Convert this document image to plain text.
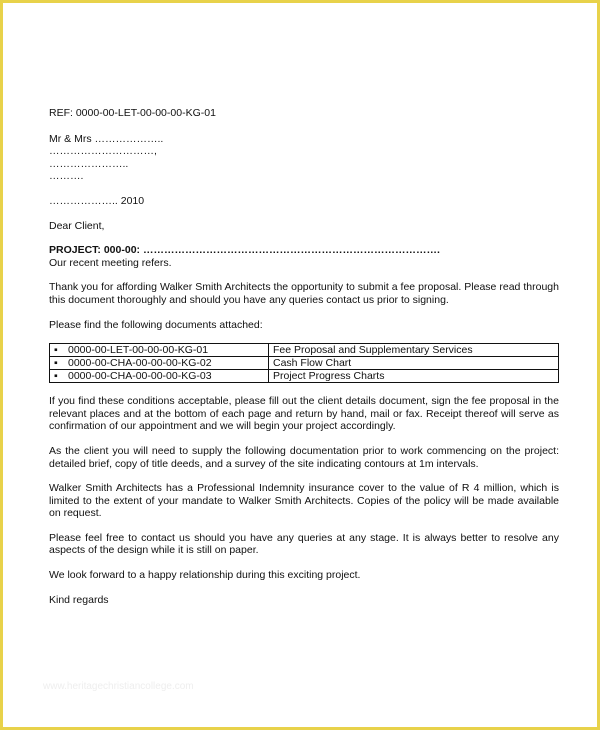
REF: 0000-00-LET-00-00-00-KG-01

Mr & Mrs ………………..

…………………………,

…………………..

……….

……………….. 2010

Dear Client,

PROJECT: 000-00: ………………………………………………………………………….

Our recent meeting refers.

Thank you for affording Walker Smith Architects the opportunity to submit a fee proposal. Please read through this document thoroughly and should you have any queries contact us prior to signing.

Please find the following documents attached:

▪ 0000-00-LET-00-00-00-KG-01	Fee Proposal and Supplementary Services
▪ 0000-00-CHA-00-00-00-KG-02	Cash Flow Chart
▪ 0000-00-CHA-00-00-00-KG-03	Project Progress Charts

If you find these conditions acceptable, please fill out the client details document, sign the fee proposal in the relevant places and at the bottom of each page and return by hand, mail or fax. Receipt thereof will serve as confirmation of our appointment and we will begin your project accordingly.

As the client you will need to supply the following documentation prior to work commencing on the project: detailed brief, copy of title deeds, and a survey of the site indicating contours at 1m intervals.

Walker Smith Architects has a Professional Indemnity insurance cover to the value of R 4 million, which is limited to the extent of your mandate to Walker Smith Architects. Copies of the policy will be made available on request.

Please feel free to contact us should you have any queries at any stage. It is always better to resolve any aspects of the design while it is still on paper.

We look forward to a happy relationship during this exciting project.

Kind regards

www.heritagechristiancollege.com
